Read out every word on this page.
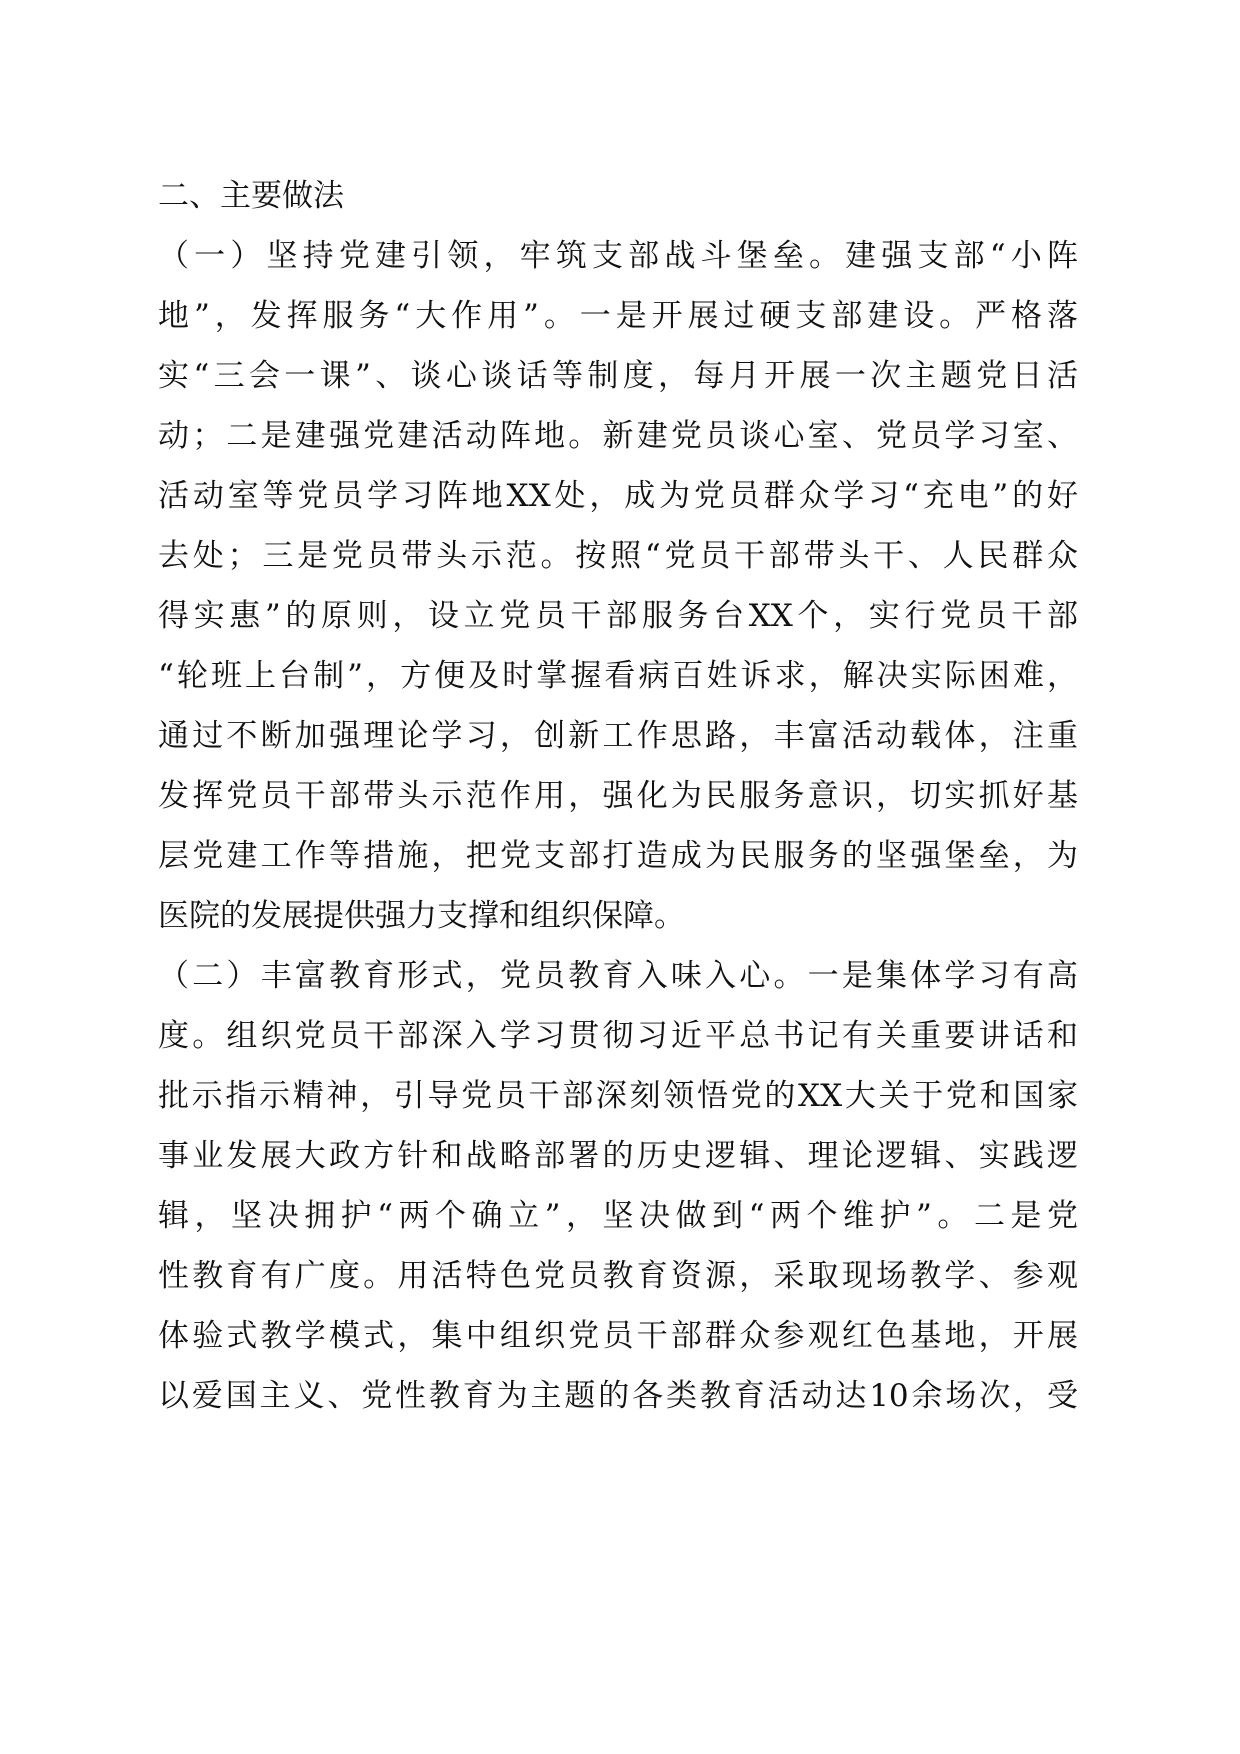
二、主要做法
（一）坚持党建引领，牢筑支部战斗堡垒。建强支部“小阵
地”，发挥服务“大作用”。一是开展过硬支部建设。严格落
实“三会一课”、谈心谈话等制度，每月开展一次主题党日活
动；二是建强党建活动阵地。新建党员谈心室、党员学习室、
活动室等党员学习阵地XX处，成为党员群众学习“充电”的好
去处；三是党员带头示范。按照“党员干部带头干、人民群众
得实惠”的原则，设立党员干部服务台XX个，实行党员干部
“轮班上台制”，方便及时掌握看病百姓诉求，解决实际困难，
通过不断加强理论学习，创新工作思路，丰富活动载体，注重
发挥党员干部带头示范作用，强化为民服务意识，切实抓好基
层党建工作等措施，把党支部打造成为民服务的坚强堡垒，为
医院的发展提供强力支撑和组织保障。
（二）丰富教育形式，党员教育入味入心。一是集体学习有高
度。组织党员干部深入学习贯彻习近平总书记有关重要讲话和
批示指示精神，引导党员干部深刻领悟党的XX大关于党和国家
事业发展大政方针和战略部署的历史逻辑、理论逻辑、实践逻
辑，坚决拥护“两个确立”，坚决做到“两个维护”。二是党
性教育有广度。用活特色党员教育资源，采取现场教学、参观
体验式教学模式，集中组织党员干部群众参观红色基地，开展
以爱国主义、党性教育为主题的各类教育活动达10余场次，受
